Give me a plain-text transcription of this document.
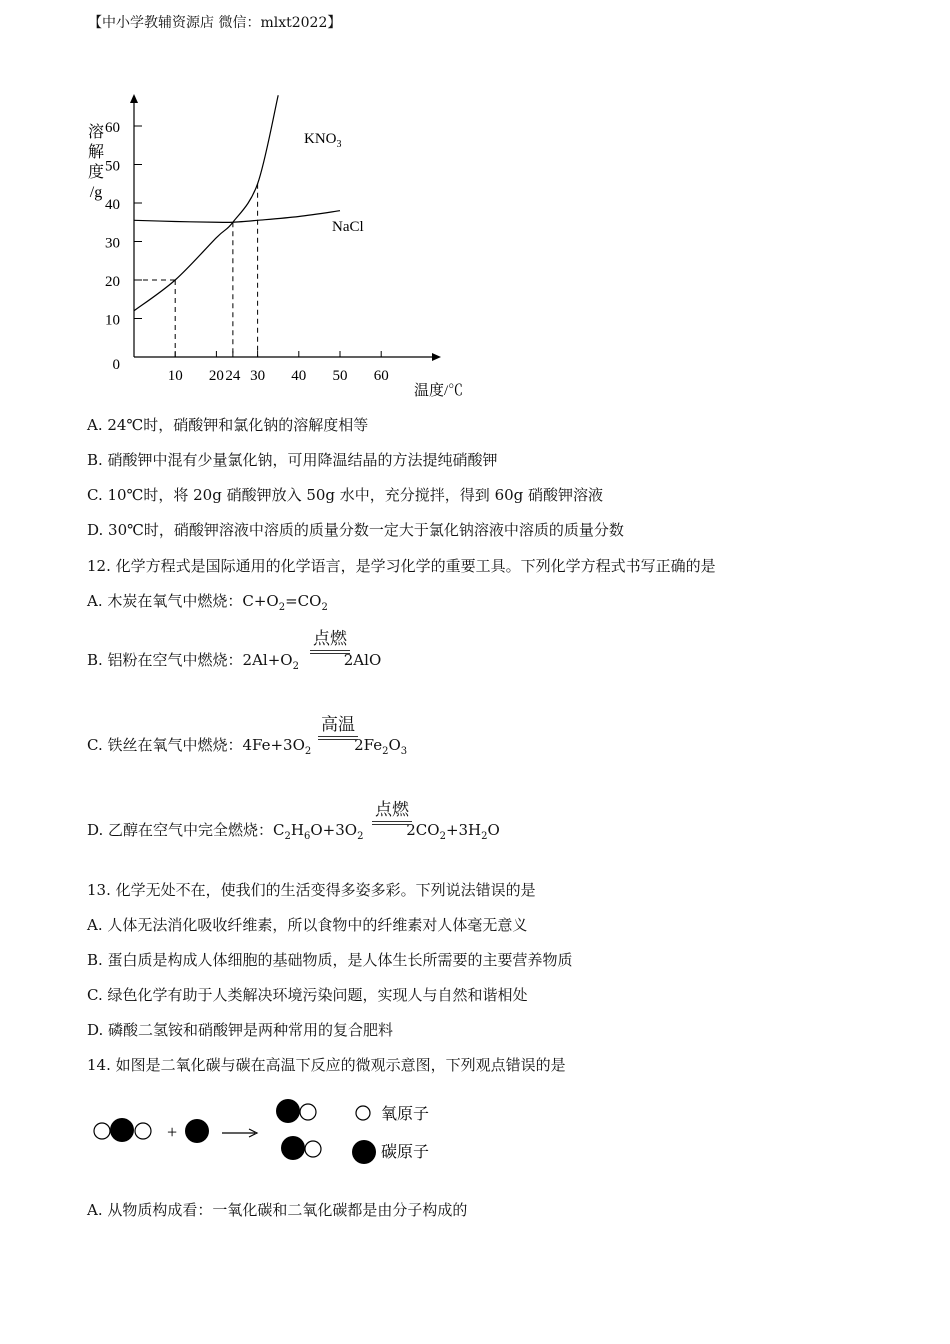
【中小学教辅资源店 微信：mlxt2022】
10 20 24 30 40 50 60
0
10
20
30
40
50
60
溶
解
度
/g
温度/℃
$KNO_3$
NaCl
A. 24℃时，硝酸钾和氯化钠的溶解度相等
B. 硝酸钾中混有少量氯化钠，可用降温结晶的方法提纯硝酸钾
C. 10℃时，将 20g 硝酸钾放入 50g 水中，充分搅拌，得到 60g 硝酸钾溶液
D. 30℃时，硝酸钾溶液中溶质的质量分数一定大于氯化钠溶液中溶质的质量分数
12. 化学方程式是国际通用的化学语言，是学习化学的重要工具。下列化学方程式书写正确的是
A. 木炭在氧气中燃烧：$C+O_2=CO_2$
B. 铝粉在空气中燃烧：$2Al+O_2$	2AlO
点燃
C. 铁丝在氧气中燃烧：$4Fe+3O_2$	$2Fe_2O_3$
高温
D. 乙醇在空气中完全燃烧：$C_2H_6O+3O_2$	$2CO_2+3H_2O$
点燃
13. 化学无处不在，使我们的生活变得多姿多彩。下列说法错误的是
A. 人体无法消化吸收纤维素，所以食物中的纤维素对人体毫无意义
B. 蛋白质是构成人体细胞的基础物质，是人体生长所需要的主要营养物质
C. 绿色化学有助于人类解决环境污染问题，实现人与自然和谐相处
D. 磷酸二氢铵和硝酸钾是两种常用的复合肥料
14. 如图是二氧化碳与碳在高温下反应的微观示意图，下列观点错误的是
+
氧原子
碳原子
A. 从物质构成看：一氧化碳和二氧化碳都是由分子构成的
